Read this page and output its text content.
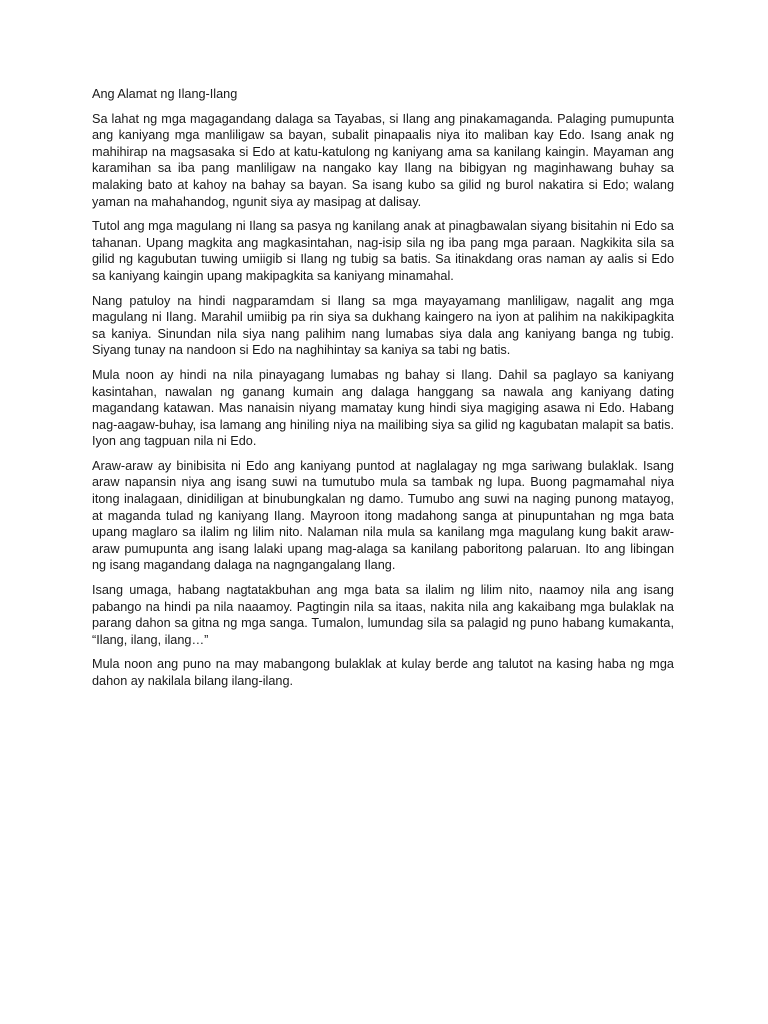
Ang Alamat ng Ilang-Ilang

Sa lahat ng mga magagandang dalaga sa Tayabas, si Ilang ang pinakamaganda. Palaging pumupunta ang kaniyang mga manliligaw sa bayan, subalit pinapaalis niya ito maliban kay Edo. Isang anak ng mahihirap na magsasaka si Edo at katu-katulong ng kaniyang ama sa kanilang kaingin. Mayaman ang karamihan sa iba pang manliligaw na nangako kay Ilang na bibigyan ng maginhawang buhay sa malaking bato at kahoy na bahay sa bayan. Sa isang kubo sa gilid ng burol nakatira si Edo; walang yaman na mahahandog, ngunit siya ay masipag at dalisay.

Tutol ang mga magulang ni Ilang sa pasya ng kanilang anak at pinagbawalan siyang bisitahin ni Edo sa tahanan. Upang magkita ang magkasintahan, nag-isip sila ng iba pang mga paraan. Nagkikita sila sa gilid ng kagubutan tuwing umiigib si Ilang ng tubig sa batis. Sa itinakdang oras naman ay aalis si Edo sa kaniyang kaingin upang makipagkita sa kaniyang minamahal.

Nang patuloy na hindi nagparamdam si Ilang sa mga mayayamang manliligaw, nagalit ang mga magulang ni Ilang. Marahil umiibig pa rin siya sa dukhang kaingero na iyon at palihim na nakikipagkita sa kaniya. Sinundan nila siya nang palihim nang lumabas siya dala ang kaniyang banga ng tubig. Siyang tunay na nandoon si Edo na naghihintay sa kaniya sa tabi ng batis.

Mula noon ay hindi na nila pinayagang lumabas ng bahay si Ilang. Dahil sa paglayo sa kaniyang kasintahan, nawalan ng ganang kumain ang dalaga hanggang sa nawala ang kaniyang dating magandang katawan. Mas nanaisin niyang mamatay kung hindi siya magiging asawa ni Edo. Habang nag-aagaw-buhay, isa lamang ang hiniling niya na mailibing siya sa gilid ng kagubatan malapit sa batis. Iyon ang tagpuan nila ni Edo.

Araw-araw ay binibisita ni Edo ang kaniyang puntod at naglalagay ng mga sariwang bulaklak. Isang araw napansin niya ang isang suwi na tumutubo mula sa tambak ng lupa. Buong pagmamahal niya itong inalagaan, dinidiligan at binubungkalan ng damo. Tumubo ang suwi na naging punong matayog, at maganda tulad ng kaniyang Ilang. Mayroon itong madahong sanga at pinupuntahan ng mga bata upang maglaro sa ilalim ng lilim nito. Nalaman nila mula sa kanilang mga magulang kung bakit araw-araw pumupunta ang isang lalaki upang mag-alaga sa kanilang paboritong palaruan. Ito ang libingan ng isang magandang dalaga na nagngangalang Ilang.

Isang umaga, habang nagtatakbuhan ang mga bata sa ilalim ng lilim nito, naamoy nila ang isang pabango na hindi pa nila naaamoy. Pagtingin nila sa itaas, nakita nila ang kakaibang mga bulaklak na parang dahon sa gitna ng mga sanga. Tumalon, lumundag sila sa palagid ng puno habang kumakanta, “Ilang, ilang, ilang…”

Mula noon ang puno na may mabangong bulaklak at kulay berde ang talutot na kasing haba ng mga dahon ay nakilala bilang ilang-ilang.
